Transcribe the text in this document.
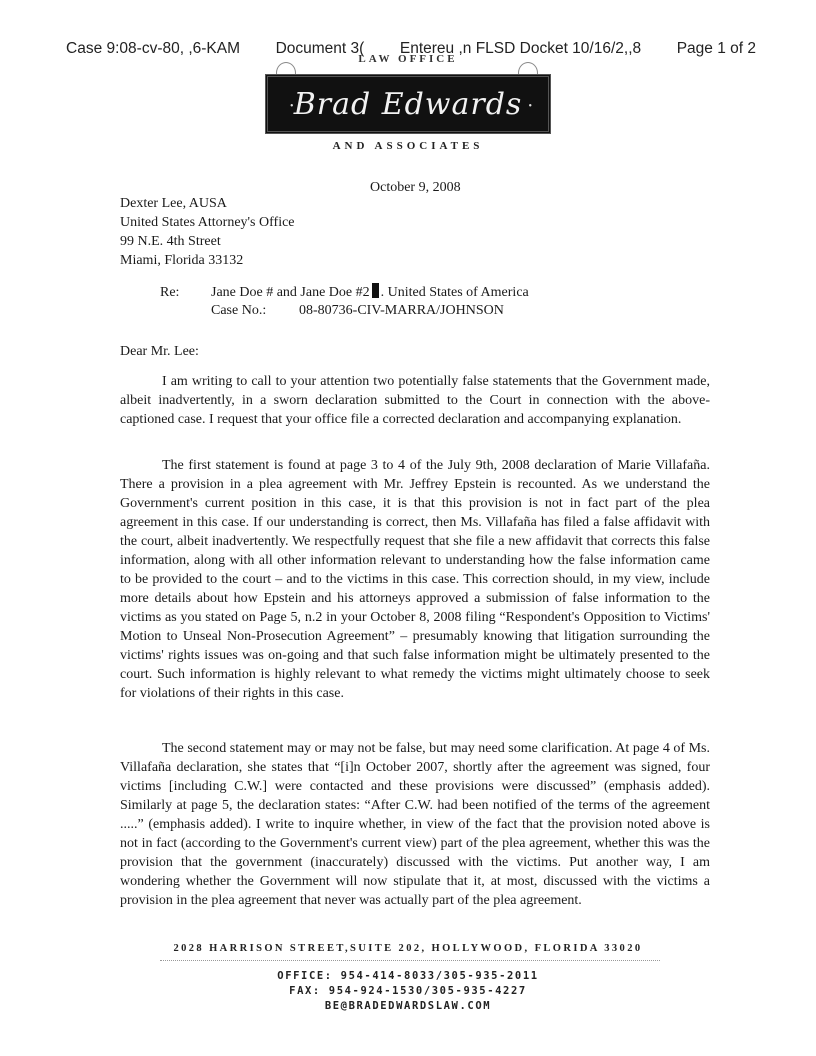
Case 9:08-cv-80, ,6-KAM Document 3( Entereu ,n FLSD Docket 10/16/2,,8 Page 1 of 2
LAW OFFICE
• Brad Edwards •
AND ASSOCIATES
October 9, 2008
Dexter Lee, AUSA
United States Attorney's Office
99 N.E. 4th Street
Miami, Florida 33132
Re: Jane Doe # and Jane Doe #2 . United States of America
Case No.: 08-80736-CIV-MARRA/JOHNSON
Dear Mr. Lee:
I am writing to call to your attention two potentially false statements that the Government made, albeit inadvertently, in a sworn declaration submitted to the Court in connection with the above-captioned case. I request that your office file a corrected declaration and accompanying explanation.
The first statement is found at page 3 to 4 of the July 9th, 2008 declaration of Marie Villafaña. There a provision in a plea agreement with Mr. Jeffrey Epstein is recounted. As we understand the Government's current position in this case, it is that this provision is not in fact part of the plea agreement in this case. If our understanding is correct, then Ms. Villafaña has filed a false affidavit with the court, albeit inadvertently. We respectfully request that she file a new affidavit that corrects this false information, along with all other information relevant to understanding how the false information came to be provided to the court – and to the victims in this case. This correction should, in my view, include more details about how Epstein and his attorneys approved a submission of false information to the victims as you stated on Page 5, n.2 in your October 8, 2008 filing “Respondent's Opposition to Victims' Motion to Unseal Non-Prosecution Agreement” – presumably knowing that litigation surrounding the victims' rights issues was on-going and that such false information might be ultimately presented to the court. Such information is highly relevant to what remedy the victims might ultimately choose to seek for violations of their rights in this case.
The second statement may or may not be false, but may need some clarification. At page 4 of Ms. Villafaña declaration, she states that “[i]n October 2007, shortly after the agreement was signed, four victims [including C.W.] were contacted and these provisions were discussed” (emphasis added). Similarly at page 5, the declaration states: “After C.W. had been notified of the terms of the agreement .....” (emphasis added). I write to inquire whether, in view of the fact that the provision noted above is not in fact (according to the Government's current view) part of the plea agreement, whether this was the provision that the government (inaccurately) discussed with the victims. Put another way, I am wondering whether the Government will now stipulate that it, at most, discussed with the victims a provision in the plea agreement that never was actually part of the plea agreement.
2028 HARRISON STREET,SUITE 202, HOLLYWOOD, FLORIDA 33020
OFFICE: 954-414-8033/305-935-2011
FAX: 954-924-1530/305-935-4227
BE@BRADEDWARDSLAW.COM
